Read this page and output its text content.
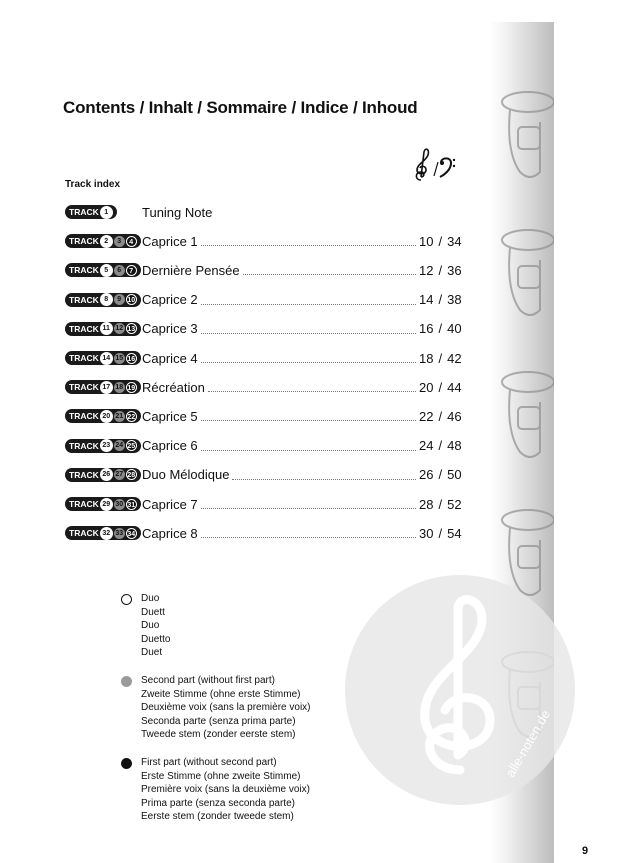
alle-noten.de
Contents / Inhalt / Sommaire / Indice / Inhoud
Track index
TRACK 1	Tuning Note
TRACK 2	3	4 Caprice 1	10 / 34
TRACK 5	6	7 Dernière Pensée	12 / 36
TRACK 8	9 10 Caprice 2	14 / 38
TRACK 11 12 13 Caprice 3	16 / 40
TRACK 14 15 16 Caprice 4	18 / 42
TRACK 17 18 19 Récréation	20 / 44
TRACK 20 21 22 Caprice 5	22 / 46
TRACK 23 24 25 Caprice 6	24 / 48
TRACK 26 27 28 Duo Mélodique	26 / 50
TRACK 29 30 31 Caprice 7	28 / 52
TRACK 32 33 34 Caprice 8	30 / 54
Duo
Duett
Duo
Duetto
Duet
Second part (without first part)
Zweite Stimme (ohne erste Stimme)
Deuxième voix (sans la première voix)
Seconda parte (senza prima parte)
Tweede stem (zonder eerste stem)
First part (without second part)
Erste Stimme (ohne zweite Stimme)
Première voix (sans la deuxième voix)
Prima parte (senza seconda parte)
Eerste stem (zonder tweede stem)
9
